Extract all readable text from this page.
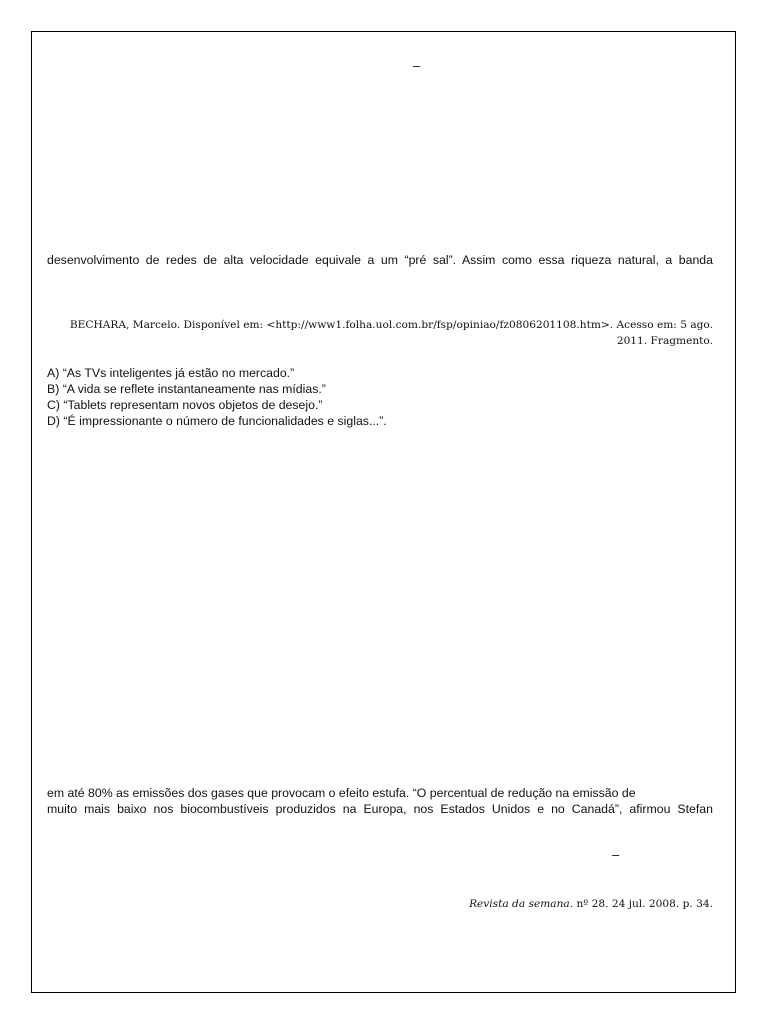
–
desenvolvimento de redes de alta velocidade equivale a um “pré sal”. Assim como essa riqueza natural, a banda
BECHARA, Marcelo. Disponível em: <http://www1.folha.uol.com.br/fsp/opiniao/fz0806201108.htm>. Acesso em: 5 ago.
2011. Fragmento.
A) “As TVs inteligentes já estão no mercado.”
B) “A vida se reflete instantaneamente nas mídias.”
C) “Tablets representam novos objetos de desejo.”
D) “É impressionante o número de funcionalidades e siglas...”.
em até 80% as emissões dos gases que provocam o efeito estufa. “O percentual de redução na emissão de
muito mais baixo nos biocombustíveis produzidos na Europa, nos Estados Unidos e no Canadá”, afirmou Stefan
–
Revista da semana. nº 28. 24 jul. 2008. p. 34.
